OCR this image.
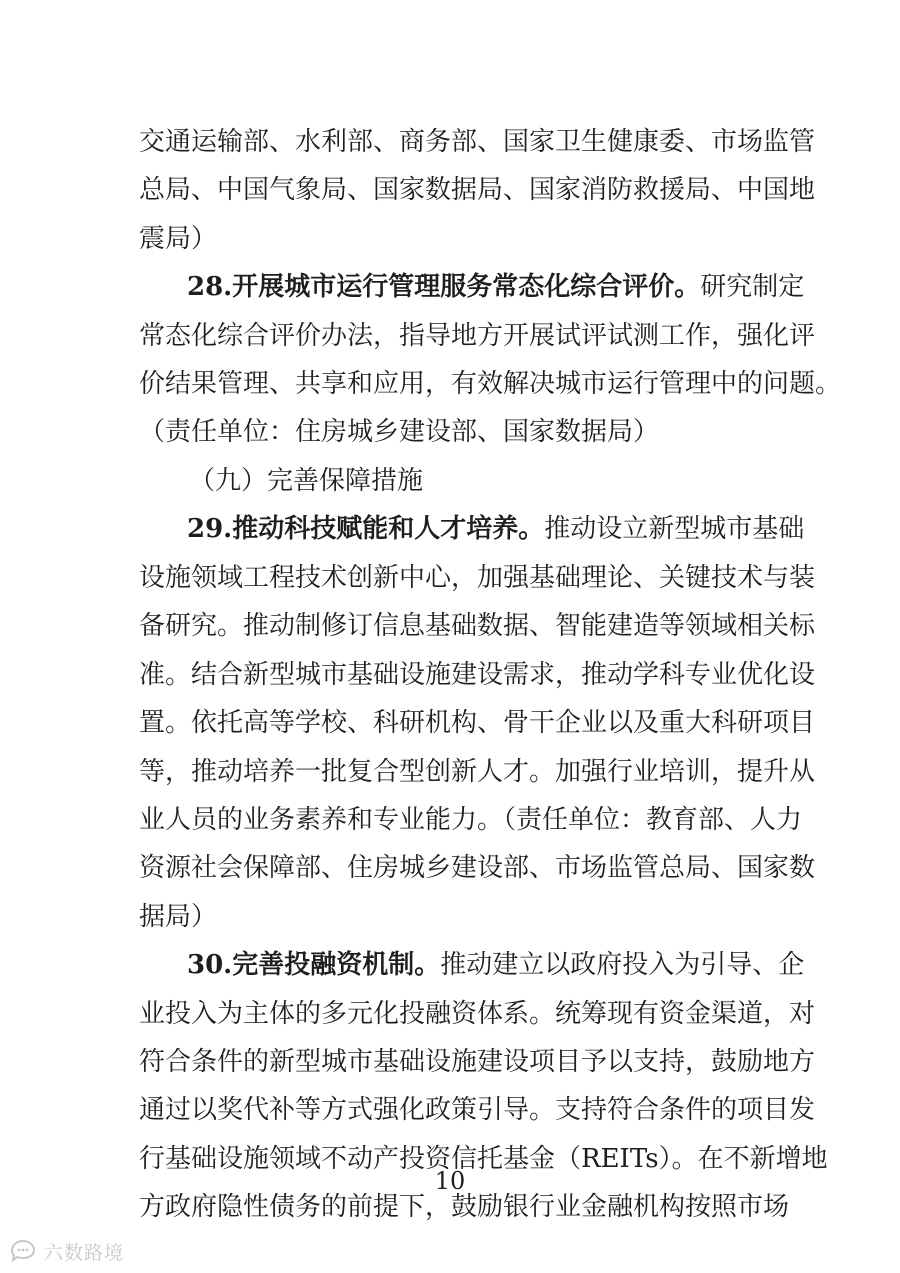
交通运输部、水利部、商务部、国家卫生健康委、市场监管
总局、中国气象局、国家数据局、国家消防救援局、中国地
震局）
28.开展城市运行管理服务常态化综合评价。研究制定
常态化综合评价办法，指导地方开展试评试测工作，强化评
价结果管理、共享和应用，有效解决城市运行管理中的问题。
（责任单位：住房城乡建设部、国家数据局）
（九）完善保障措施
29.推动科技赋能和人才培养。推动设立新型城市基础
设施领域工程技术创新中心，加强基础理论、关键技术与装
备研究。推动制修订信息基础数据、智能建造等领域相关标
准。结合新型城市基础设施建设需求，推动学科专业优化设
置。依托高等学校、科研机构、骨干企业以及重大科研项目
等，推动培养一批复合型创新人才。加强行业培训，提升从
业人员的业务素养和专业能力。（责任单位：教育部、人力
资源社会保障部、住房城乡建设部、市场监管总局、国家数
据局）
30.完善投融资机制。推动建立以政府投入为引导、企
业投入为主体的多元化投融资体系。统筹现有资金渠道，对
符合条件的新型城市基础设施建设项目予以支持，鼓励地方
通过以奖代补等方式强化政策引导。支持符合条件的项目发
行基础设施领域不动产投资信托基金（REITs）。在不新增地
方政府隐性债务的前提下，鼓励银行业金融机构按照市场
10
六数路境
